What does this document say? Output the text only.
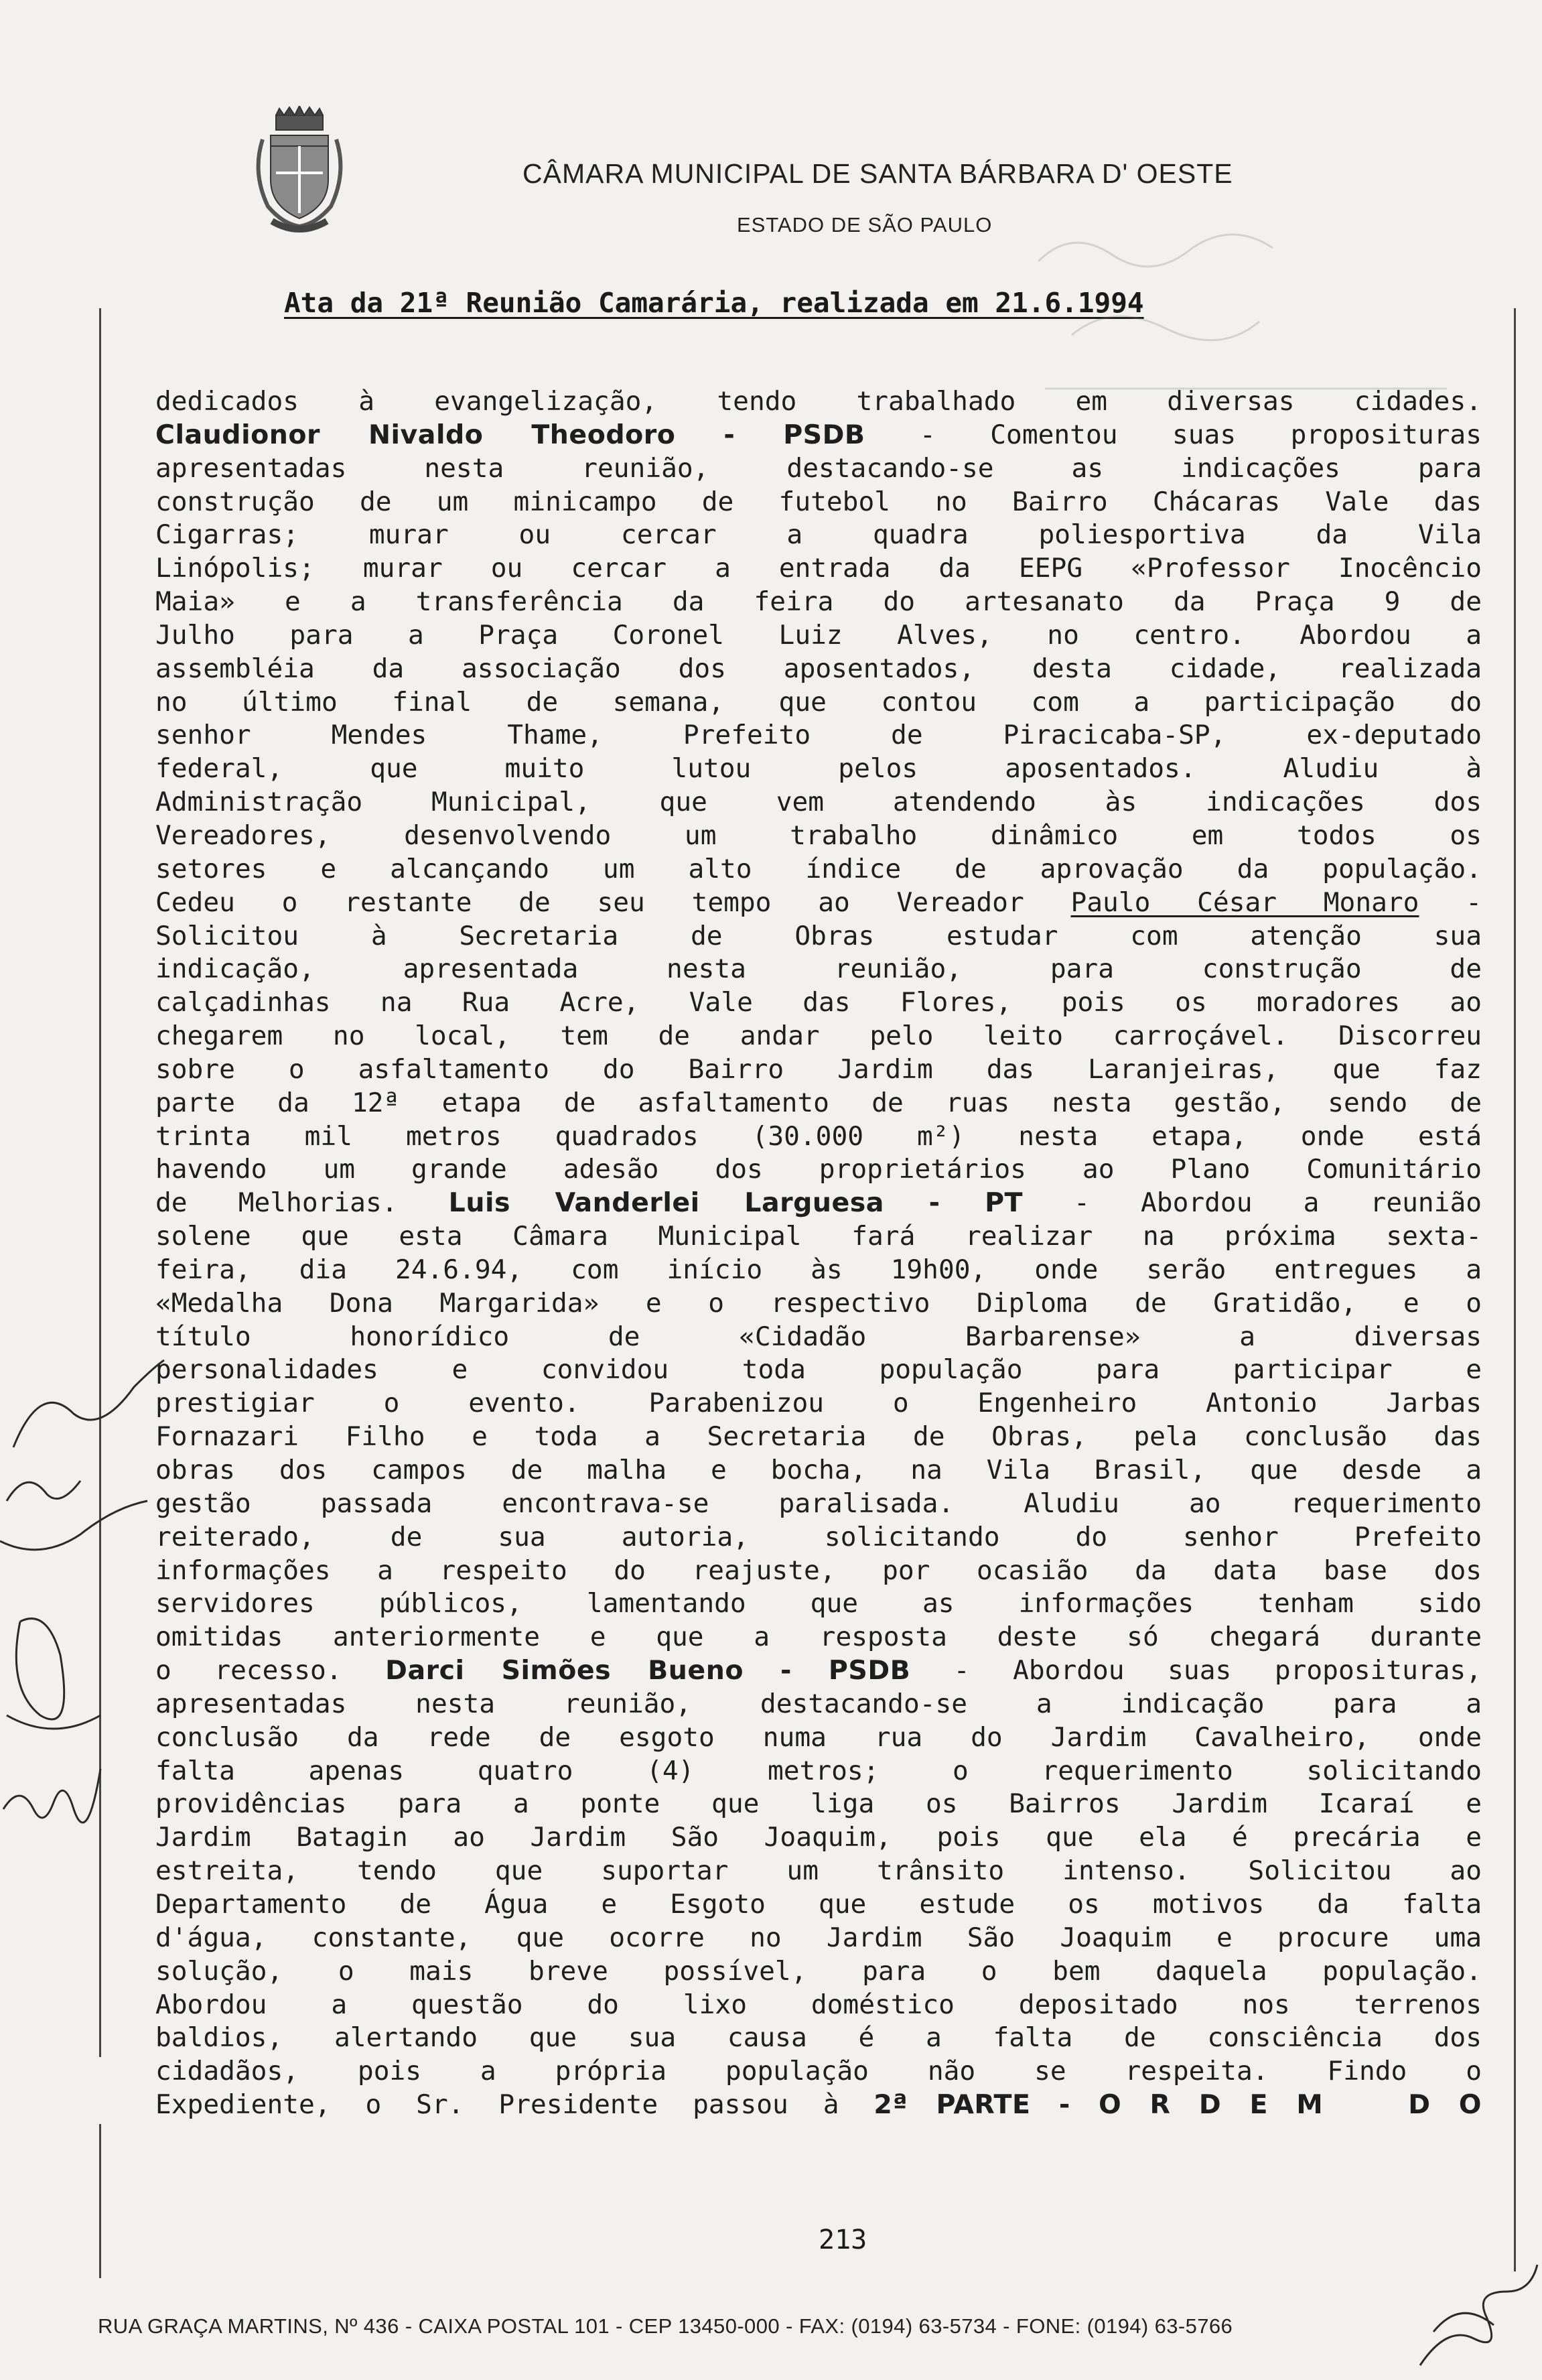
CÂMARA MUNICIPAL DE SANTA BÁRBARA D' OESTE
ESTADO DE SÃO PAULO
Ata da 21ª Reunião Camarária, realizada em 21.6.1994
dedicados à evangelização, tendo trabalhado em diversas cidades.
Claudionor Nivaldo Theodoro - PSDB - Comentou suas proposituras
apresentadas nesta reunião, destacando-se as indicações para
construção de um minicampo de futebol no Bairro Chácaras Vale das
Cigarras; murar ou cercar a quadra poliesportiva da Vila
Linópolis; murar ou cercar a entrada da EEPG «Professor Inocêncio
Maia» e a transferência da feira do artesanato da Praça 9 de
Julho para a Praça Coronel Luiz Alves, no centro. Abordou a
assembléia da associação dos aposentados, desta cidade, realizada
no último final de semana, que contou com a participação do
senhor Mendes Thame, Prefeito de Piracicaba-SP, ex-deputado
federal, que muito lutou pelos aposentados. Aludiu à
Administração Municipal, que vem atendendo às indicações dos
Vereadores, desenvolvendo um trabalho dinâmico em todos os
setores e alcançando um alto índice de aprovação da população.
Cedeu o restante de seu tempo ao Vereador Paulo César Monaro -
Solicitou à Secretaria de Obras estudar com atenção sua
indicação, apresentada nesta reunião, para construção de
calçadinhas na Rua Acre, Vale das Flores, pois os moradores ao
chegarem no local, tem de andar pelo leito carroçável. Discorreu
sobre o asfaltamento do Bairro Jardim das Laranjeiras, que faz
parte da 12ª etapa de asfaltamento de ruas nesta gestão, sendo de
trinta mil metros quadrados (30.000 m²) nesta etapa, onde está
havendo um grande adesão dos proprietários ao Plano Comunitário
de Melhorias. Luis Vanderlei Larguesa - PT - Abordou a reunião
solene que esta Câmara Municipal fará realizar na próxima sexta-
feira, dia 24.6.94, com início às 19h00, onde serão entregues a
«Medalha Dona Margarida» e o respectivo Diploma de Gratidão, e o
título honorídico de «Cidadão Barbarense» a diversas
personalidades e convidou toda população para participar e
prestigiar o evento. Parabenizou o Engenheiro Antonio Jarbas
Fornazari Filho e toda a Secretaria de Obras, pela conclusão das
obras dos campos de malha e bocha, na Vila Brasil, que desde a
gestão passada encontrava-se paralisada. Aludiu ao requerimento
reiterado, de sua autoria, solicitando do senhor Prefeito
informações a respeito do reajuste, por ocasião da data base dos
servidores públicos, lamentando que as informações tenham sido
omitidas anteriormente e que a resposta deste só chegará durante
o recesso. Darci Simões Bueno - PSDB - Abordou suas proposituras,
apresentadas nesta reunião, destacando-se a indicação para a
conclusão da rede de esgoto numa rua do Jardim Cavalheiro, onde
falta apenas quatro (4) metros; o requerimento solicitando
providências para a ponte que liga os Bairros Jardim Icaraí e
Jardim Batagin ao Jardim São Joaquim, pois que ela é precária e
estreita, tendo que suportar um trânsito intenso. Solicitou ao
Departamento de Água e Esgoto que estude os motivos da falta
d'água, constante, que ocorre no Jardim São Joaquim e procure uma
solução, o mais breve possível, para o bem daquela população.
Abordou a questão do lixo doméstico depositado nos terrenos
baldios, alertando que sua causa é a falta de consciência dos
cidadãos, pois a própria população não se respeita. Findo o
Expediente, o Sr. Presidente passou à 2ª PARTE - O R D E M   D O
213
RUA GRAÇA MARTINS, Nº 436 - CAIXA POSTAL 101 - CEP 13450-000 - FAX: (0194) 63-5734 - FONE: (0194) 63-5766
